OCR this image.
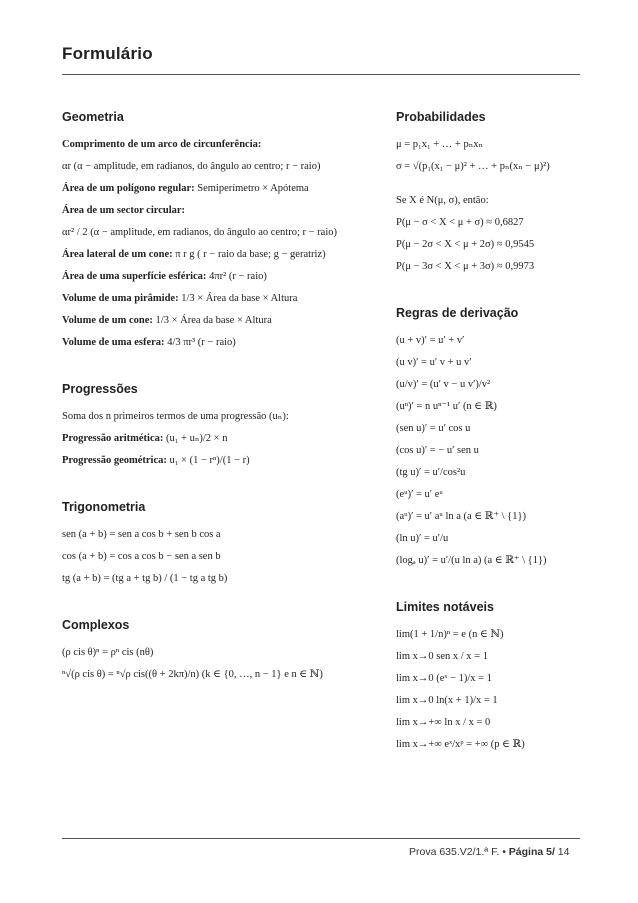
Formulário
Geometria
Comprimento de um arco de circunferência:
αr (α − amplitude, em radianos, do ângulo ao centro; r − raio)
Área de um polígono regular: Semiperímetro × Apótema
Área de um sector circular:
αr² / 2 (α − amplitude, em radianos, do ângulo ao centro; r − raio)
Área lateral de um cone: π r g ( r − raio da base; g − geratriz)
Área de uma superfície esférica: 4πr² (r − raio)
Volume de uma pirâmide: 1/3 × Área da base × Altura
Volume de um cone: 1/3 × Área da base × Altura
Volume de uma esfera: 4/3 πr³ (r − raio)
Progressões
Soma dos n primeiros termos de uma progressão (uₙ):
Progressão aritmética: (u₁ + uₙ)/2 × n
Progressão geométrica: u₁ × (1 − rⁿ)/(1 − r)
Trigonometria
sen (a + b) = sen a cos b + sen b cos a
cos (a + b) = cos a cos b − sen a sen b
tg (a + b) = (tg a + tg b) / (1 − tg a tg b)
Complexos
(ρ cis θ)ⁿ = ρⁿ cis (nθ)
ⁿ√(ρ cis θ) = ⁿ√ρ cis((θ + 2kπ)/n) (k ∈ {0, …, n − 1} e n ∈ ℕ)
Probabilidades
μ = p₁x₁ + … + pₙxₙ
σ = √(p₁(x₁ − μ)² + … + pₙ(xₙ − μ)²)
Se X é N(μ, σ), então:
P(μ − σ < X < μ + σ) ≈ 0,6827
P(μ − 2σ < X < μ + 2σ) ≈ 0,9545
P(μ − 3σ < X < μ + 3σ) ≈ 0,9973
Regras de derivação
(u + v)′ = u′ + v′
(u v)′ = u′ v + u v′
(u/v)′ = (u′ v − u v′)/v²
(uⁿ)′ = n uⁿ⁻¹ u′ (n ∈ ℝ)
(sen u)′ = u′ cos u
(cos u)′ = − u′ sen u
(tg u)′ = u′/cos²u
(eᵘ)′ = u′ eᵘ
(aᵘ)′ = u′ aᵘ ln a (a ∈ ℝ⁺ \ {1})
(ln u)′ = u′/u
(logₐ u)′ = u′/(u ln a) (a ∈ ℝ⁺ \ {1})
Limites notáveis
lim(1 + 1/n)ⁿ = e (n ∈ ℕ)
lim x→0 sen x / x = 1
lim x→0 (eˣ − 1)/x = 1
lim x→0 ln(x + 1)/x = 1
lim x→+∞ ln x / x = 0
lim x→+∞ eˣ/xᵖ = +∞ (p ∈ ℝ)
Prova 635.V2/1.ª F. • Página 5/ 14
